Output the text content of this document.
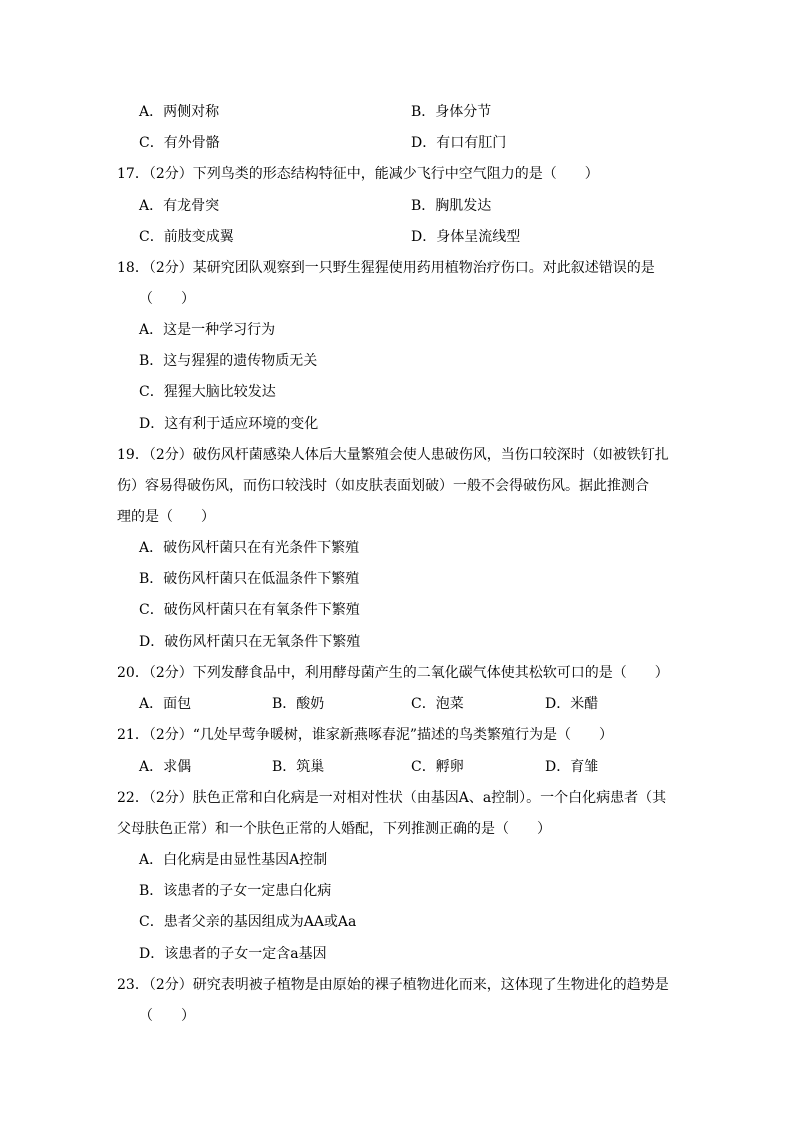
A．两侧对称	B．身体分节
C．有外骨骼	D．有口有肛门
17．（2分）下列鸟类的形态结构特征中，能减少飞行中空气阻力的是（　　）
A．有龙骨突	B．胸肌发达
C．前肢变成翼	D．身体呈流线型
18．（2分）某研究团队观察到一只野生猩猩使用药用植物治疗伤口。对此叙述错误的是
（　　）
A．这是一种学习行为
B．这与猩猩的遗传物质无关
C．猩猩大脑比较发达
D．这有利于适应环境的变化
19．（2分）破伤风杆菌感染人体后大量繁殖会使人患破伤风，当伤口较深时（如被铁钉扎
伤）容易得破伤风，而伤口较浅时（如皮肤表面划破）一般不会得破伤风。据此推测合
理的是（　　）
A．破伤风杆菌只在有光条件下繁殖
B．破伤风杆菌只在低温条件下繁殖
C．破伤风杆菌只在有氧条件下繁殖
D．破伤风杆菌只在无氧条件下繁殖
20．（2分）下列发酵食品中，利用酵母菌产生的二氧化碳气体使其松软可口的是（　　）
A．面包	B．酸奶	C．泡菜	D．米醋
21．（2分）“几处早莺争暖树，谁家新燕啄春泥”描述的鸟类繁殖行为是（　　）
A．求偶	B．筑巢	C．孵卵	D．育雏
22．（2分）肤色正常和白化病是一对相对性状（由基因A、a控制）。一个白化病患者（其
父母肤色正常）和一个肤色正常的人婚配，下列推测正确的是（　　）
A．白化病是由显性基因A控制
B．该患者的子女一定患白化病
C．患者父亲的基因组成为AA或Aa
D．该患者的子女一定含a基因
23．（2分）研究表明被子植物是由原始的裸子植物进化而来，这体现了生物进化的趋势是
（　　）
